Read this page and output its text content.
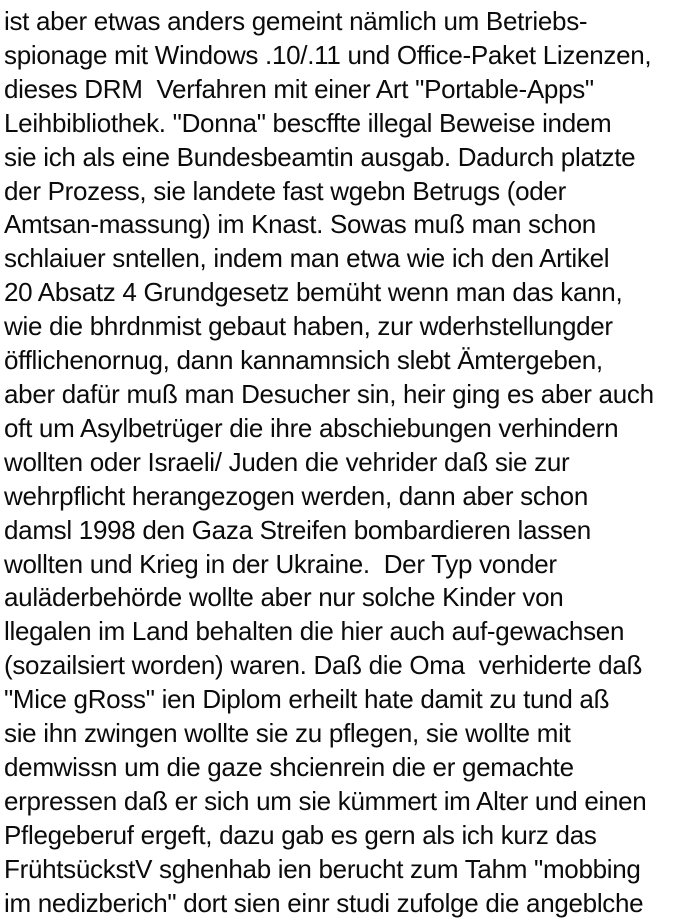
ist aber etwas anders gemeint nämlich um Betriebs-
spionage mit Windows .10/.11 und Office-Paket Lizenzen,
dieses DRM  Verfahren mit einer Art "Portable-Apps"
Leihbibliothek. "Donna" bescffte illegal Beweise indem
sie ich als eine Bundesbeamtin ausgab. Dadurch platzte
der Prozess, sie landete fast wgebn Betrugs (oder
Amtsan-massung) im Knast. Sowas muß man schon
schlaiuer sntellen, indem man etwa wie ich den Artikel
20 Absatz 4 Grundgesetz bemüht wenn man das kann,
wie die bhrdnmist gebaut haben, zur wderhstellungder
öfflichenornug, dann kannamnsich slebt Ämtergeben,
aber dafür muß man Desucher sin, heir ging es aber auch
oft um Asylbetrüger die ihre abschiebungen verhindern
wollten oder Israeli/ Juden die vehrider daß sie zur
wehrpflicht herangezogen werden, dann aber schon
damsl 1998 den Gaza Streifen bombardieren lassen
wollten und Krieg in der Ukraine.  Der Typ vonder
auläderbehörde wollte aber nur solche Kinder von
llegalen im Land behalten die hier auch auf-gewachsen
(sozailsiert worden) waren. Daß die Oma  verhiderte daß
"Mice gRoss" ien Diplom erheilt hate damit zu tund aß
sie ihn zwingen wollte sie zu pflegen, sie wollte mit
demwissn um die gaze shcienrein die er gemachte
erpressen daß er sich um sie kümmert im Alter und einen
Pflegeberuf ergeft, dazu gab es gern als ich kurz das
FrühtsückstV sghenhab ien berucht zum Tahm "mobbing
im nedizberich" dort sien einr studi zufolge die angeblche
